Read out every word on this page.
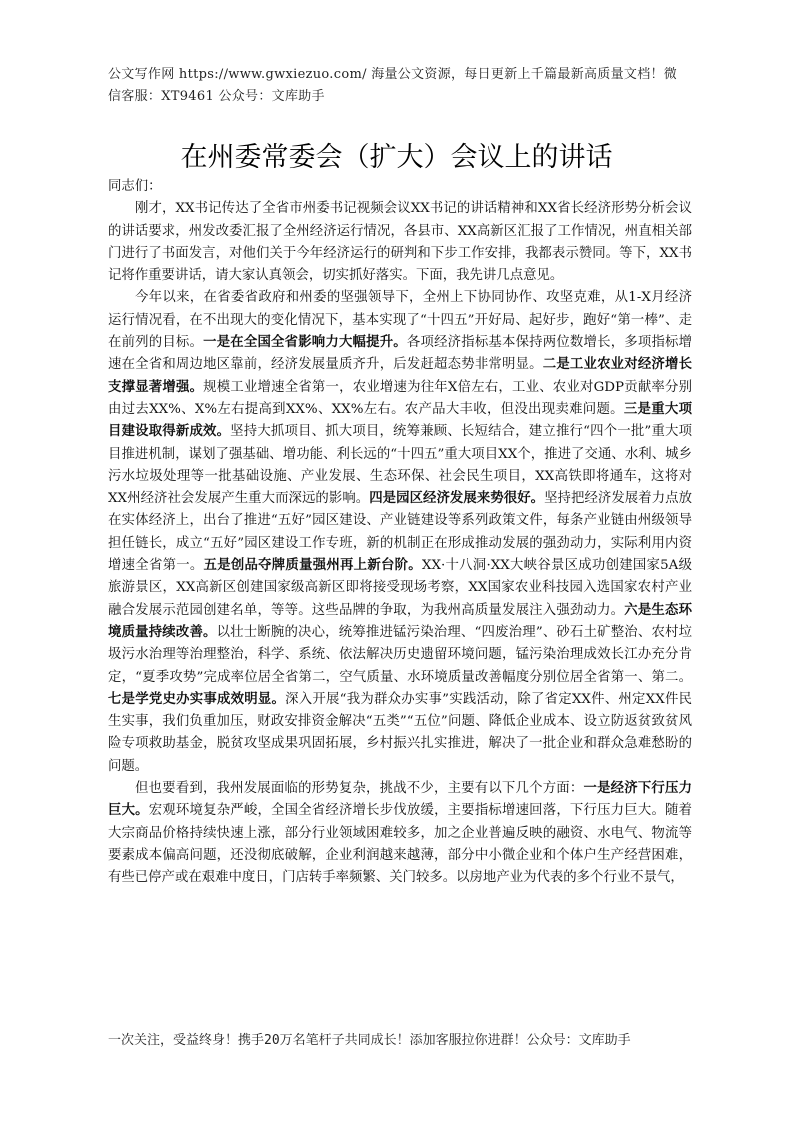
公文写作网 https://www.gwxiezuo.com/ 海量公文资源，每日更新上千篇最新高质量文档！微信客服：XT9461 公众号：文库助手
在州委常委会（扩大）会议上的讲话

同志们：

刚才，XX书记传达了全省市州委书记视频会议XX书记的讲话精神和XX省长经济形势分析会议的讲话要求，州发改委汇报了全州经济运行情况，各县市、XX高新区汇报了工作情况，州直相关部门进行了书面发言，对他们关于今年经济运行的研判和下步工作安排，我都表示赞同。等下，XX书记将作重要讲话，请大家认真领会，切实抓好落实。下面，我先讲几点意见。

今年以来，在省委省政府和州委的坚强领导下，全州上下协同协作、攻坚克难，从1-X月经济运行情况看，在不出现大的变化情况下，基本实现了“十四五”开好局、起好步，跑好“第一棒”、走在前列的目标。一是在全国全省影响力大幅提升。各项经济指标基本保持两位数增长，多项指标增速在全省和周边地区靠前，经济发展量质齐升，后发赶超态势非常明显。二是工业农业对经济增长支撑显著增强。规模工业增速全省第一，农业增速为往年X倍左右，工业、农业对GDP贡献率分别由过去XX%、X%左右提高到XX%、XX%左右。农产品大丰收，但没出现卖难问题。三是重大项目建设取得新成效。坚持大抓项目、抓大项目，统筹兼顾、长短结合，建立推行“四个一批”重大项目推进机制，谋划了强基础、增功能、利长远的“十四五”重大项目XX个，推进了交通、水利、城乡污水垃圾处理等一批基础设施、产业发展、生态环保、社会民生项目，XX高铁即将通车，这将对XX州经济社会发展产生重大而深远的影响。四是园区经济发展来势很好。坚持把经济发展着力点放在实体经济上，出台了推进“五好”园区建设、产业链建设等系列政策文件，每条产业链由州级领导担任链长，成立“五好”园区建设工作专班，新的机制正在形成推动发展的强劲动力，实际利用内资增速全省第一。五是创品夺牌质量强州再上新台阶。XX·十八洞·XX大峡谷景区成功创建国家5A级旅游景区，XX高新区创建国家级高新区即将接受现场考察，XX国家农业科技园入选国家农村产业融合发展示范园创建名单，等等。这些品牌的争取，为我州高质量发展注入强劲动力。六是生态环境质量持续改善。以壮士断腕的决心，统筹推进锰污染治理、“四废治理”、砂石土矿整治、农村垃圾污水治理等治理整治，科学、系统、依法解决历史遗留环境问题，锰污染治理成效长江办充分肯定，“夏季攻势”完成率位居全省第二，空气质量、水环境质量改善幅度分别位居全省第一、第二。七是学党史办实事成效明显。深入开展“我为群众办实事”实践活动，除了省定XX件、州定XX件民生实事，我们负重加压，财政安排资金解决“五类”“五位”问题、降低企业成本、设立防返贫致贫风险专项救助基金，脱贫攻坚成果巩固拓展，乡村振兴扎实推进，解决了一批企业和群众急难愁盼的问题。

但也要看到，我州发展面临的形势复杂，挑战不少，主要有以下几个方面：一是经济下行压力巨大。宏观环境复杂严峻，全国全省经济增长步伐放缓，主要指标增速回落，下行压力巨大。随着大宗商品价格持续快速上涨，部分行业领域困难较多，加之企业普遍反映的融资、水电气、物流等要素成本偏高问题，还没彻底破解，企业利润越来越薄，部分中小微企业和个体户生产经营困难，有些已停产或在艰难中度日，门店转手率频繁、关门较多。以房地产业为代表的多个行业不景气，

一次关注，受益终身！携手20万名笔杆子共同成长！添加客服拉你进群！公众号：文库助手
